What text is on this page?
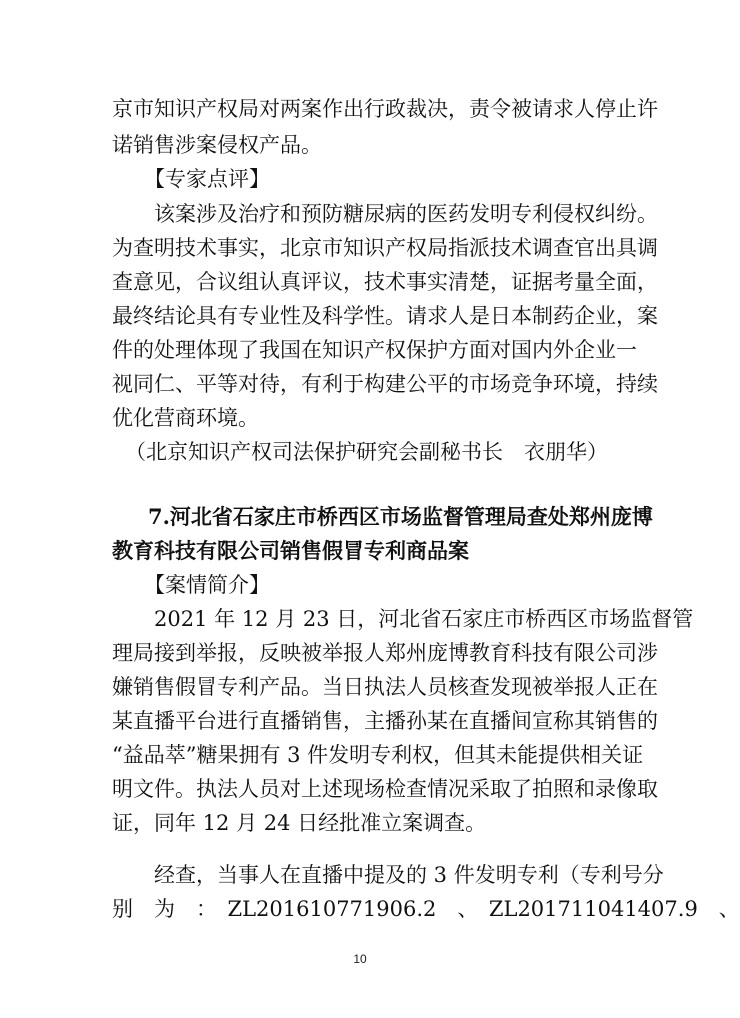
京市知识产权局对两案作出行政裁决，责令被请求人停止许
诺销售涉案侵权产品。
【专家点评】
该案涉及治疗和预防糖尿病的医药发明专利侵权纠纷。
为查明技术事实，北京市知识产权局指派技术调查官出具调
查意见，合议组认真评议，技术事实清楚，证据考量全面，
最终结论具有专业性及科学性。请求人是日本制药企业，案
件的处理体现了我国在知识产权保护方面对国内外企业一
视同仁、平等对待，有利于构建公平的市场竞争环境，持续
优化营商环境。
（北京知识产权司法保护研究会副秘书长　衣朋华）
7.河北省石家庄市桥西区市场监督管理局查处郑州庞博
教育科技有限公司销售假冒专利商品案
【案情简介】
2021 年 12 月 23 日，河北省石家庄市桥西区市场监督管
理局接到举报，反映被举报人郑州庞博教育科技有限公司涉
嫌销售假冒专利产品。当日执法人员核查发现被举报人正在
某直播平台进行直播销售，主播孙某在直播间宣称其销售的
“益品萃”糖果拥有 3 件发明专利权，但其未能提供相关证
明文件。执法人员对上述现场检查情况采取了拍照和录像取
证，同年 12 月 24 日经批准立案调查。
经查，当事人在直播中提及的 3 件发明专利（专利号分
别　为　：　ZL201610771906.2　、　ZL201711041407.9　、
10
